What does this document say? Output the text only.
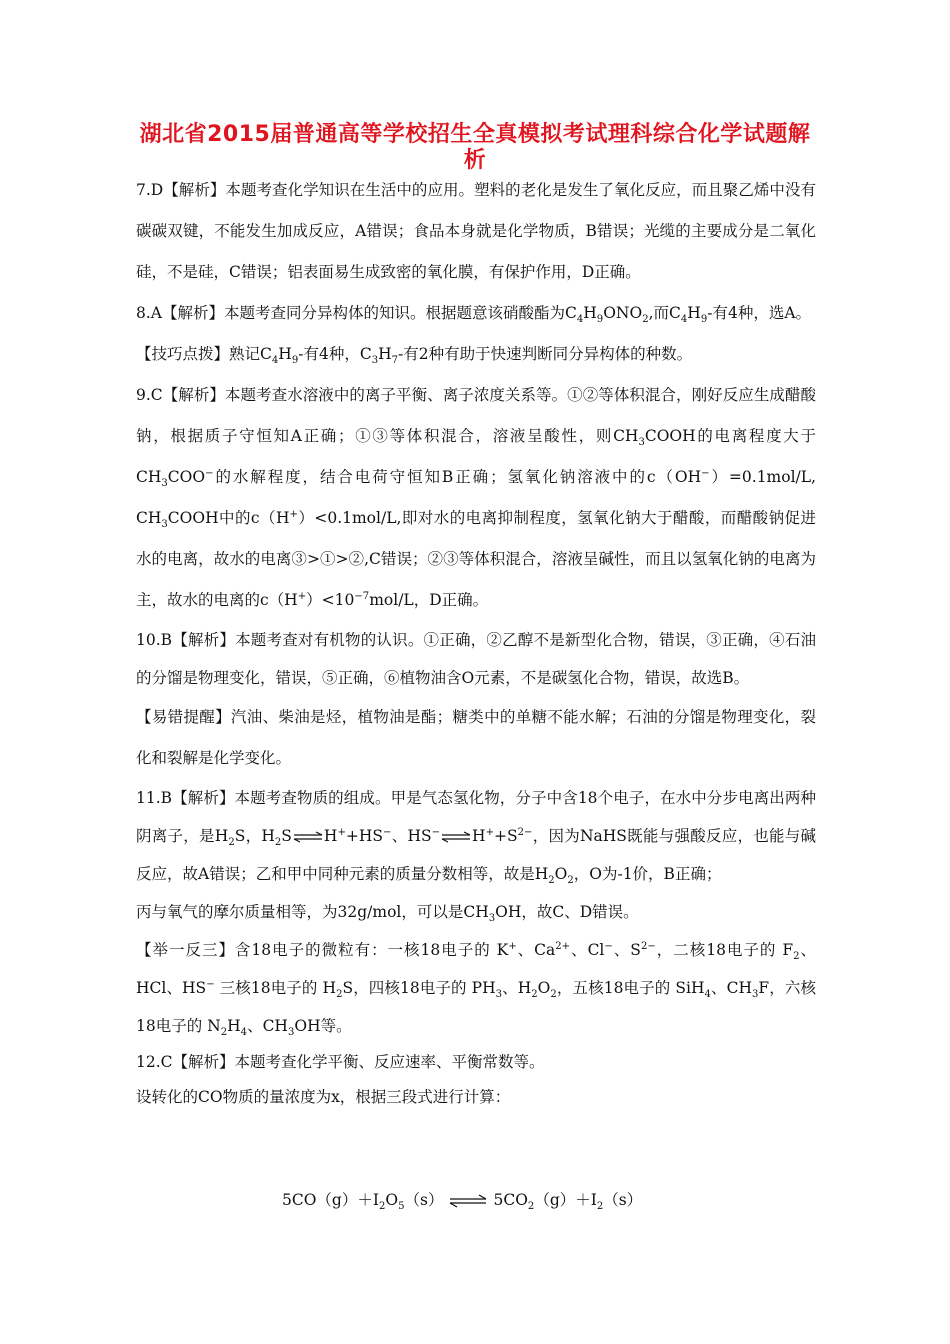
湖北省2015届普通高等学校招生全真模拟考试理科综合化学试题解析

7.D【解析】本题考查化学知识在生活中的应用。塑料的老化是发生了氧化反应，而且聚乙烯中没有碳碳双键，不能发生加成反应，A错误；食品本身就是化学物质，B错误；光缆的主要成分是二氧化硅，不是硅，C错误；铝表面易生成致密的氧化膜，有保护作用，D正确。

8.A【解析】本题考查同分异构体的知识。根据题意该硝酸酯为$C_4H_9ONO_2$,而$C_4H_9-$有4种，选A。

【技巧点拨】熟记$C_4H_9-$有4种，$C_3H_7-$有2种有助于快速判断同分异构体的种数。

9.C【解析】本题考查水溶液中的离子平衡、离子浓度关系等。①②等体积混合，刚好反应生成醋酸钠，根据质子守恒知A正确；①③等体积混合，溶液呈酸性，则$CH_3COOH$的电离程度大于$CH_3COO^-$的水解程度，结合电荷守恒知B正确；氢氧化钠溶液中的c（OH−）=0.1mol/L, $CH_3COOH$中的c（H+）<0.1mol/L,即对水的电离抑制程度，氢氧化钠大于醋酸，而醋酸钠促进水的电离，故水的电离③>①>②,C错误；②③等体积混合，溶液呈碱性，而且以氢氧化钠的电离为主，故水的电离的$c(H^+)<10^{-7}mol/L$，D正确。

10.B【解析】本题考查对有机物的认识。①正确，②乙醇不是新型化合物，错误，③正确，④石油的分馏是物理变化，错误，⑤正确，⑥植物油含O元素，不是碳氢化合物，错误，故选B。

【易错提醒】汽油、柴油是烃，植物油是酯；糖类中的单糖不能水解；石油的分馏是物理变化，裂化和裂解是化学变化。

11.B【解析】本题考查物质的组成。甲是气态氢化物，分子中含18个电子，在水中分步电离出两种阴离子，是$H_2S$，$H_2S\rightleftharpoons H^++HS^-$、$HS^-\rightleftharpoons H^++S^{2-}$，因为NaHS既能与强酸反应，也能与碱反应，故A错误；乙和甲中同种元素的质量分数相等，故是$H_2O_2$，O为-1价，B正确；
丙与氧气的摩尔质量相等，为32g/mol，可以是$CH_3OH$，故C、D错误。

【举一反三】含18电子的微粒有：一核18电子的 K+、$Ca^{2+}$、Cl−、$S^{2-}$，二核18电子的 $F_2$、HCl、HS− 三核18电子的 $H_2S$，四核18电子的 $PH_3$、$H_2O_2$，五核18电子的 SiH$_4$、$CH_3F$，六核18电子的 $N_2H_4$、$CH_3OH$等。

12.C【解析】本题考查化学平衡、反应速率、平衡常数等。
设转化的CO物质的量浓度为x，根据三段式进行计算：

$5CO(g)+I_2O_5(s)$ ⇌ $5CO_2(g)+I_2(s)$
